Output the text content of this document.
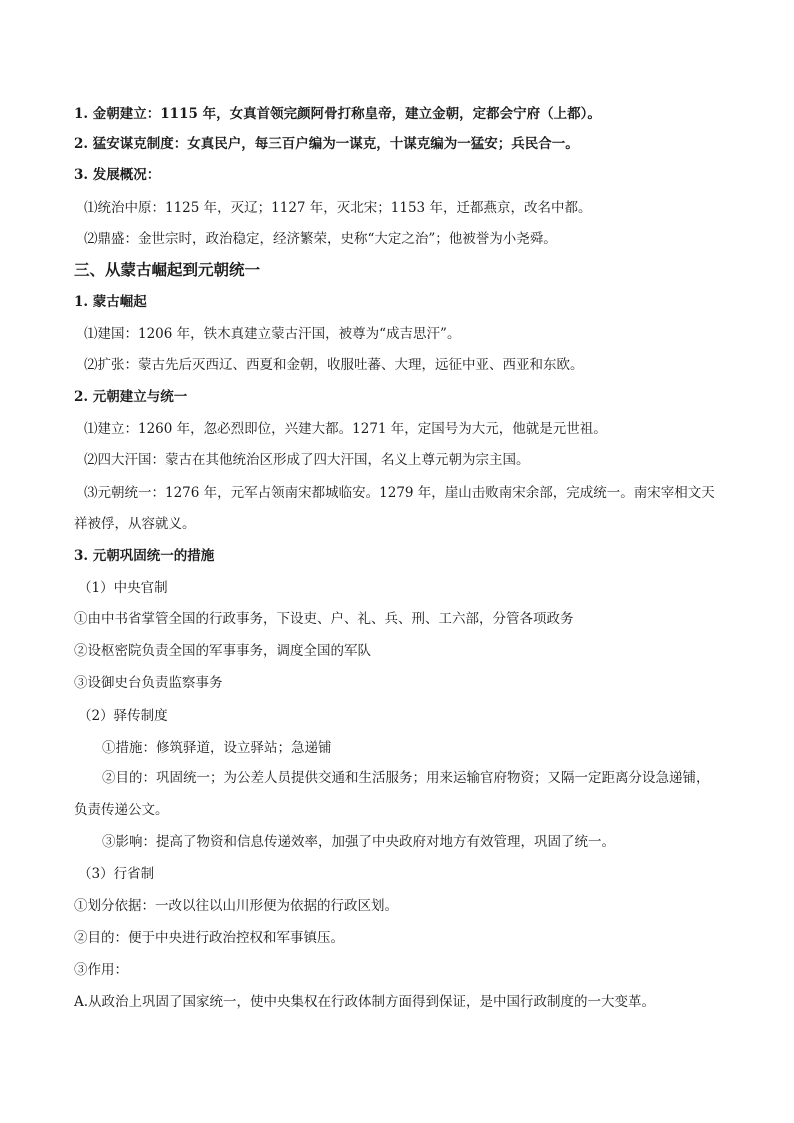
1. 金朝建立：1115 年，女真首领完颜阿骨打称皇帝，建立金朝，定都会宁府（上都）。
2. 猛安谋克制度：女真民户，每三百户编为一谋克，十谋克编为一猛安；兵民合一。
3. 发展概况：
⑴统治中原：1125 年，灭辽；1127 年，灭北宋；1153 年，迁都燕京，改名中都。
⑵鼎盛：金世宗时，政治稳定，经济繁荣，史称“大定之治”；他被誉为小尧舜。
三、从蒙古崛起到元朝统一
1. 蒙古崛起
⑴建国：1206 年，铁木真建立蒙古汗国，被尊为“成吉思汗”。
⑵扩张：蒙古先后灭西辽、西夏和金朝，收服吐蕃、大理，远征中亚、西亚和东欧。
2. 元朝建立与统一
⑴建立：1260 年，忽必烈即位，兴建大都。1271 年，定国号为大元，他就是元世祖。
⑵四大汗国：蒙古在其他统治区形成了四大汗国，名义上尊元朝为宗主国。
⑶元朝统一：1276 年，元军占领南宋都城临安。1279 年，崖山击败南宋余部，完成统一。南宋宰相文天
祥被俘，从容就义。
3. 元朝巩固统一的措施
（1）中央官制
①由中书省掌管全国的行政事务，下设吏、户、礼、兵、刑、工六部，分管各项政务
②设枢密院负责全国的军事事务，调度全国的军队
③设御史台负责监察事务
（2）驿传制度
①措施：修筑驿道，设立驿站；急递铺
②目的：巩固统一；为公差人员提供交通和生活服务；用来运输官府物资；又隔一定距离分设急递铺，
负责传递公文。
③影响：提高了物资和信息传递效率，加强了中央政府对地方有效管理，巩固了统一。
（3）行省制
①划分依据：一改以往以山川形便为依据的行政区划。
②目的：便于中央进行政治控权和军事镇压。
③作用：
A.从政治上巩固了国家统一，使中央集权在行政体制方面得到保证，是中国行政制度的一大变革。
